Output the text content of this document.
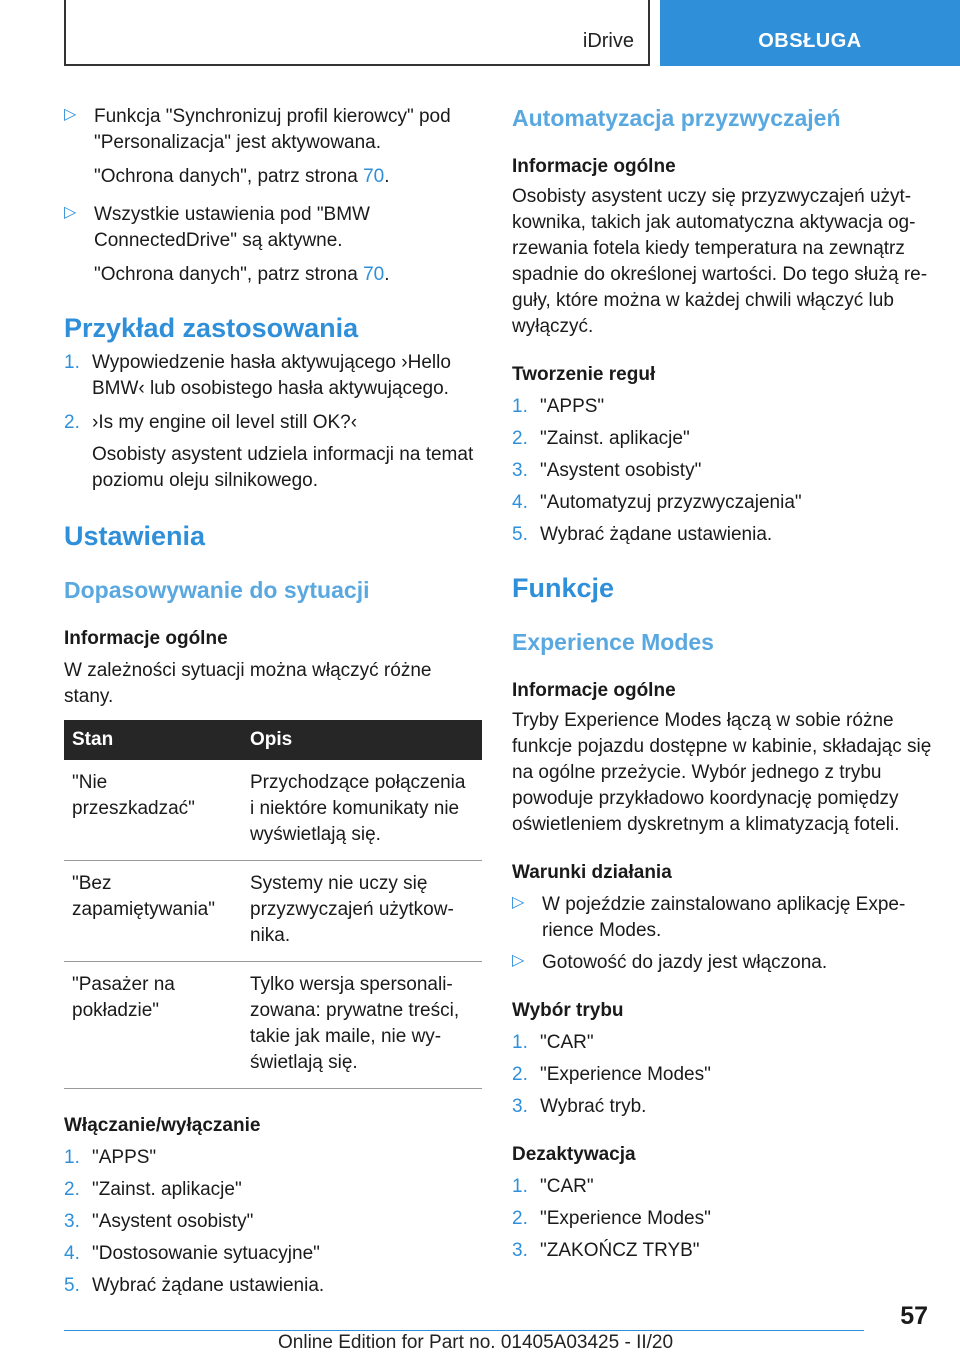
iDrive	OBSŁUGA
▷ Funkcja "Synchronizuj profil kierowcy" pod "Personalizacja" jest aktywowana.

"Ochrona danych", patrz strona 70.

▷ Wszystkie ustawienia pod "BMW ConnectedDrive" są aktywne.

"Ochrona danych", patrz strona 70.

Przykład zastosowania
1. Wypowiedzenie hasła aktywującego ›Hello BMW‹ lub osobistego hasła aktywującego.
2. ›Is my engine oil level still OK?‹

Osobisty asystent udziela informacji na temat poziomu oleju silnikowego.

Ustawienia
Dopasowywanie do sytuacji
Informacje ogólne

W zależności sytuacji można włączyć różne stany.

Stan	Opis
"Nie przeszkadzać"	Przychodzące połączenia i niektóre komunikaty nie wyświetlają się.
"Bez zapamiętywania"	Systemy nie uczy się przyzwyczajeń użytkow-nika.
"Pasażer na pokładzie"	Tylko wersja spersonali-zowana: prywatne treści, takie jak maile, nie wy-świetlają się.
Włączanie/wyłączanie
1. "APPS"
2. "Zainst. aplikacje"
3. "Asystent osobisty"
4. "Dostosowanie sytuacyjne"
5. Wybrać żądane ustawienia.
Automatyzacja przyzwyczajeń
Informacje ogólne

Osobisty asystent uczy się przyzwyczajeń użyt-kownika, takich jak automatyczna aktywacja og-rzewania fotela kiedy temperatura na zewnątrz spadnie do określonej wartości. Do tego służą re-guły, które można w każdej chwili włączyć lub wyłączyć.

Tworzenie reguł
1. "APPS"
2. "Zainst. aplikacje"
3. "Asystent osobisty"
4. "Automatyzuj przyzwyczajenia"
5. Wybrać żądane ustawienia.
Funkcje
Experience Modes
Informacje ogólne

Tryby Experience Modes łączą w sobie różne funkcje pojazdu dostępne w kabinie, składając się na ogólne przeżycie. Wybór jednego z trybu powoduje przykładowo koordynację pomiędzy oświetleniem dyskretnym a klimatyzacją foteli.

Warunki działania
▷ W pojeździe zainstalowano aplikację Expe-rience Modes.

▷ Gotowość do jazdy jest włączona.

Wybór trybu
1. "CAR"
2. "Experience Modes"
3. Wybrać tryb.
Dezaktywacja
1. "CAR"
2. "Experience Modes"
3. "ZAKOŃCZ TRYB"
57
Online Edition for Part no. 01405A03425 - II/20
